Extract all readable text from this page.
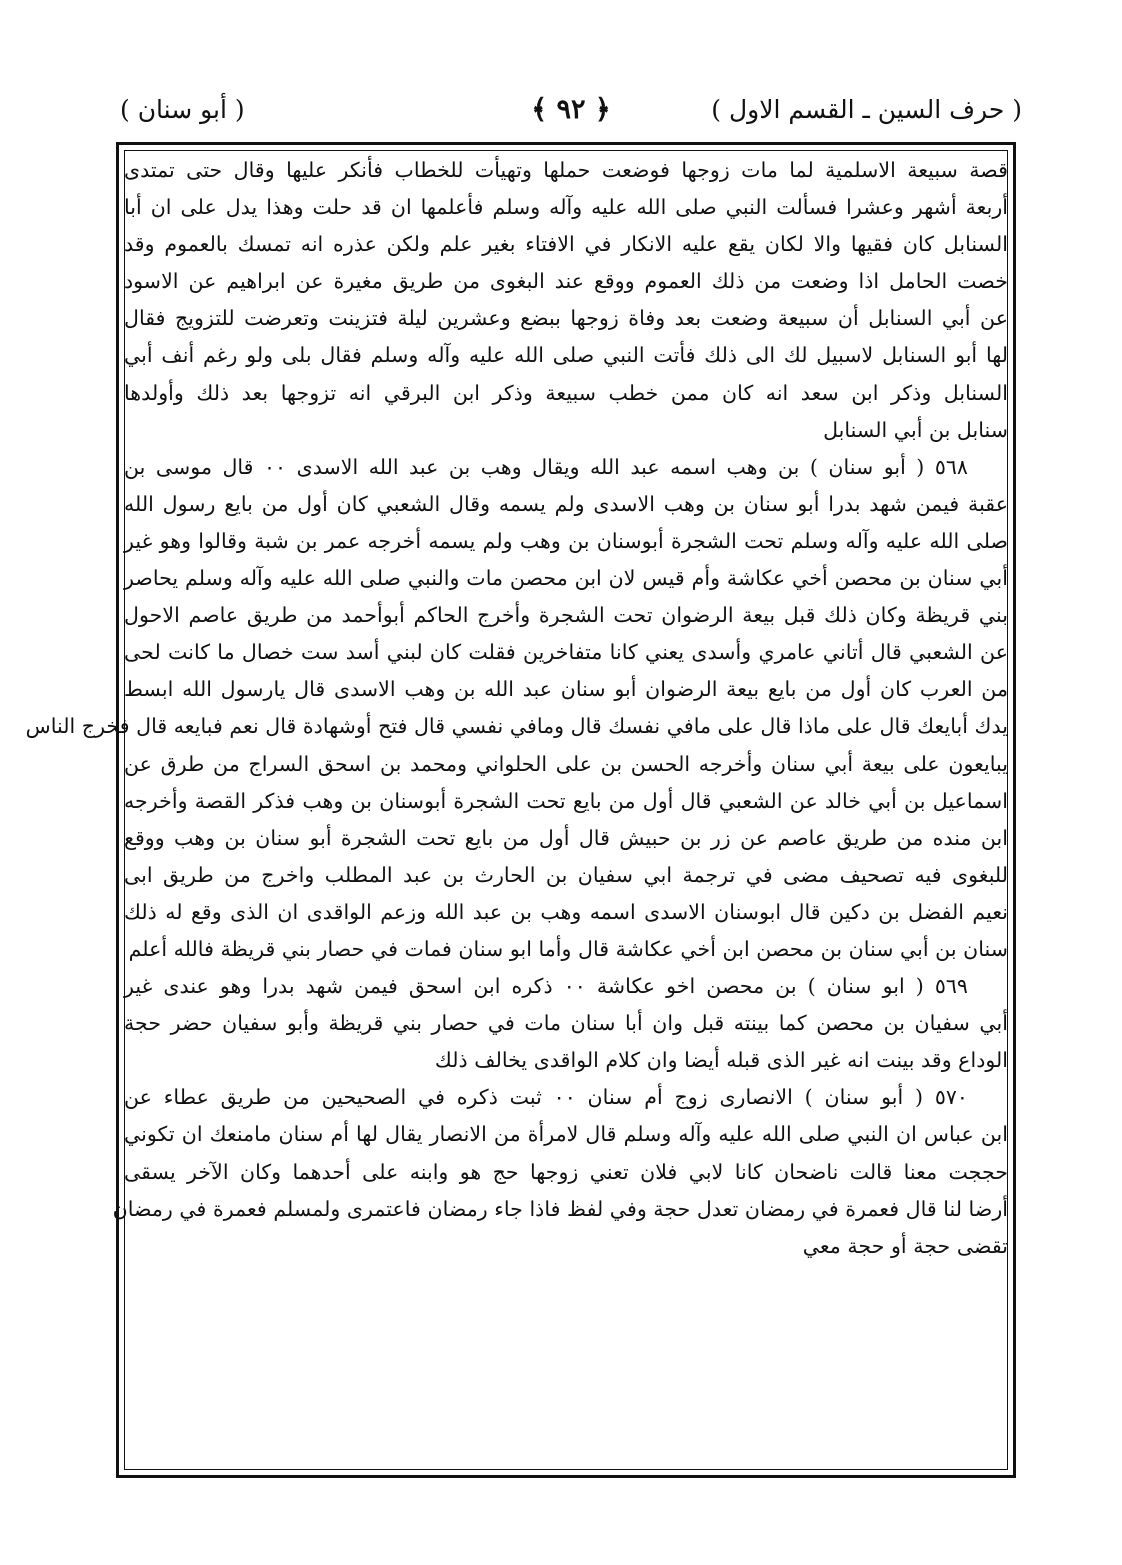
( حرف السين ـ القسم الاول )
﴿ ٩٢ ﴾
( أبو سنان )
قصة سبيعة الاسلمية لما مات زوجها فوضعت حملها وتهيأت للخطاب فأنكر عليها وقال حتى تمتدى
أربعة أشهر وعشرا فسألت النبي صلى الله عليه وآله وسلم فأعلمها ان قد حلت وهذا يدل على ان أبا
السنابل كان فقيها والا لكان يقع عليه الانكار في الافتاء بغير علم ولكن عذره انه تمسك بالعموم وقد
خصت الحامل اذا وضعت من ذلك العموم ووقع عند البغوى من طريق مغيرة عن ابراهيم عن الاسود
عن أبي السنابل أن سبيعة وضعت بعد وفاة زوجها ببضع وعشرين ليلة فتزينت وتعرضت للتزويج فقال
لها أبو السنابل لاسبيل لك الى ذلك فأتت النبي صلى الله عليه وآله وسلم فقال بلى ولو رغم أنف أبي
السنابل وذكر ابن سعد انه كان ممن خطب سبيعة وذكر ابن البرقي انه تزوجها بعد ذلك وأولدها
سنابل بن أبي السنابل
٥٦٨ ( أبو سنان ) بن وهب اسمه عبد الله ويقال وهب بن عبد الله الاسدى ٠٠ قال موسى بن
عقبة فيمن شهد بدرا أبو سنان بن وهب الاسدى ولم يسمه وقال الشعبي كان أول من بايع رسول الله
صلى الله عليه وآله وسلم تحت الشجرة أبوسنان بن وهب ولم يسمه أخرجه عمر بن شبة وقالوا وهو غير
أبي سنان بن محصن أخي عكاشة وأم قيس لان ابن محصن مات والنبي صلى الله عليه وآله وسلم يحاصر
بني قريظة وكان ذلك قبل بيعة الرضوان تحت الشجرة وأخرج الحاكم أبوأحمد من طريق عاصم الاحول
عن الشعبي قال أتاني عامري وأسدى يعني كانا متفاخرين فقلت كان لبني أسد ست خصال ما كانت لحى
من العرب كان أول من بايع بيعة الرضوان أبو سنان عبد الله بن وهب الاسدى قال يارسول الله ابسط
يدك أبايعك قال على ماذا قال على مافي نفسك قال ومافي نفسي قال فتح أوشهادة قال نعم فبايعه قال فخرج الناس
يبايعون على بيعة أبي سنان وأخرجه الحسن بن على الحلواني ومحمد بن اسحق السراج من طرق عن
اسماعيل بن أبي خالد عن الشعبي قال أول من بايع تحت الشجرة أبوسنان بن وهب فذكر القصة وأخرجه
ابن منده من طريق عاصم عن زر بن حبيش قال أول من بايع تحت الشجرة أبو سنان بن وهب ووقع
للبغوى فيه تصحيف مضى في ترجمة ابي سفيان بن الحارث بن عبد المطلب واخرج من طريق ابى
نعيم الفضل بن دكين قال ابوسنان الاسدى اسمه وهب بن عبد الله وزعم الواقدى ان الذى وقع له ذلك
سنان بن أبي سنان بن محصن ابن أخي عكاشة قال وأما ابو سنان فمات في حصار بني قريظة فالله أعلم
٥٦٩ ( ابو سنان ) بن محصن اخو عكاشة ٠٠ ذكره ابن اسحق فيمن شهد بدرا وهو عندى غير
أبي سفيان بن محصن كما بينته قبل وان أبا سنان مات في حصار بني قريظة وأبو سفيان حضر حجة
الوداع وقد بينت انه غير الذى قبله أيضا وان كلام الواقدى يخالف ذلك
٥٧٠ ( أبو سنان ) الانصارى زوج أم سنان ٠٠ ثبت ذكره في الصحيحين من طريق عطاء عن
ابن عباس ان النبي صلى الله عليه وآله وسلم قال لامرأة من الانصار يقال لها أم سنان مامنعك ان تكوني
حججت معنا قالت ناضحان كانا لابي فلان تعني زوجها حج هو وابنه على أحدهما وكان الآخر يسقى
أرضا لنا قال فعمرة في رمضان تعدل حجة وفي لفظ فاذا جاء رمضان فاعتمرى ولمسلم فعمرة في رمضان
تقضى حجة أو حجة معي
